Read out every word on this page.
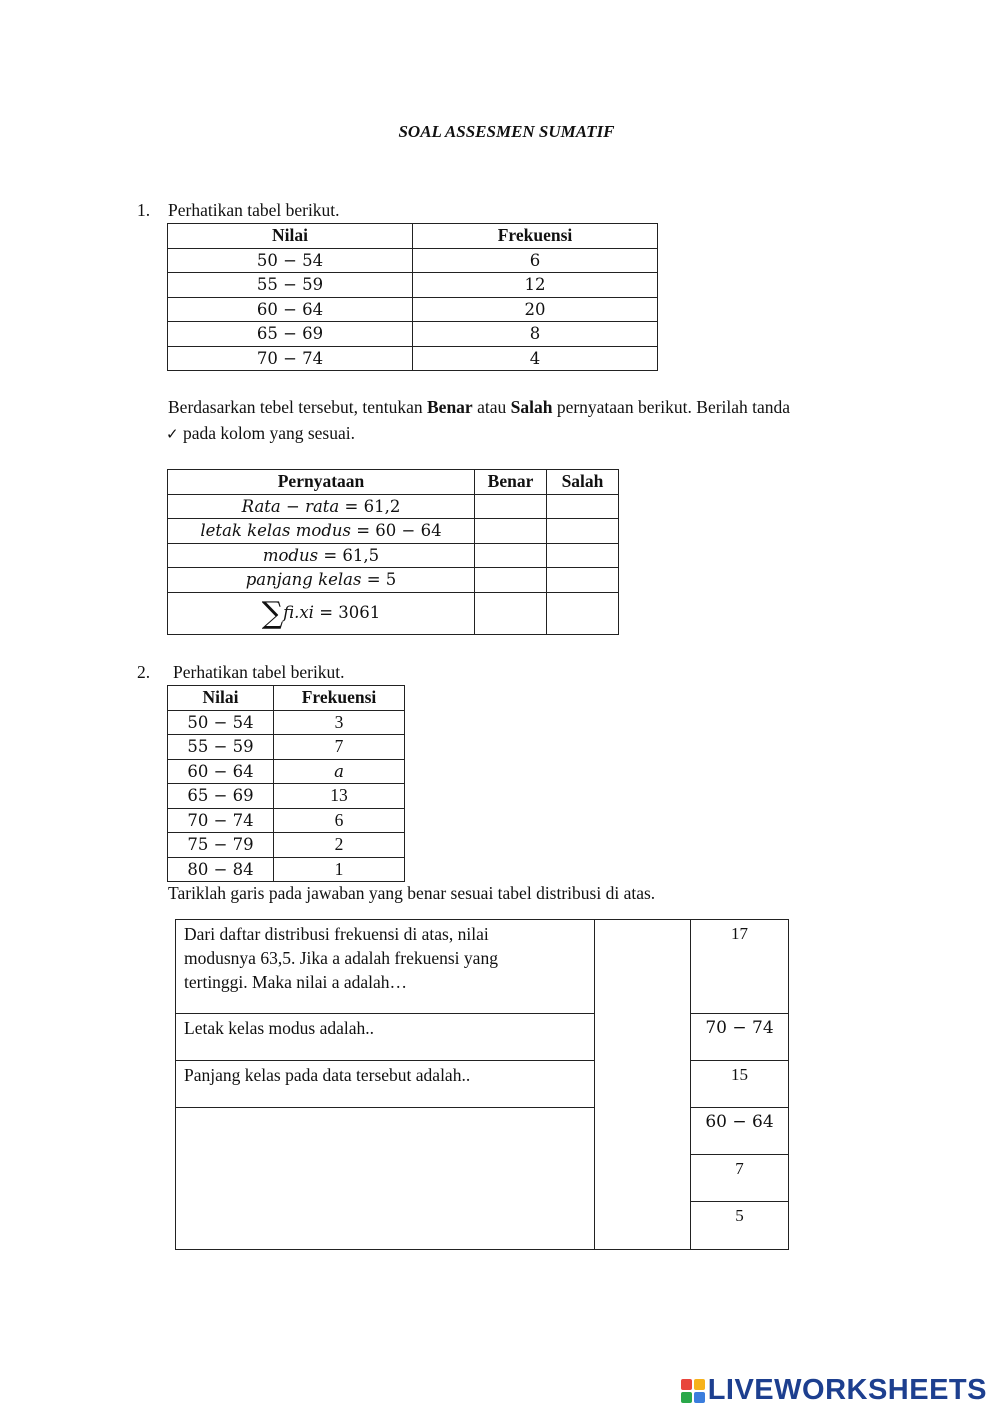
SOAL ASSESMEN SUMATIF
1. Perhatikan tabel berikut.
Nilai	Frekuensi
50 − 54	6
55 − 59	12
60 − 64	20
65 − 69	8
70 − 74	4
Berdasarkan tebel tersebut, tentukan Benar atau Salah pernyataan berikut. Berilah tanda
✓ pada kolom yang sesuai.
Pernyataan	Benar	Salah
Rata − rata = 61,2		
letak kelas modus = 60 − 64		
modus = 61,5		
panjang kelas = 5		
∑fi.xi = 3061		
2. Perhatikan tabel berikut.
Nilai	Frekuensi
50 − 54	3
55 − 59	7
60 − 64	a
65 − 69	13
70 − 74	6
75 − 79	2
80 − 84	1
Tariklah garis pada jawaban yang benar sesuai tabel distribusi di atas.
Dari daftar distribusi frekuensi di atas, nilai
modusnya 63,5. Jika a adalah frekuensi yang
tertinggi. Maka nilai a adalah…		17

Letak kelas modus adalah..		70 − 74

Panjang kelas pada data tersebut adalah..		15
		60 − 64
		7
		5
LIVEWORKSHEETS
